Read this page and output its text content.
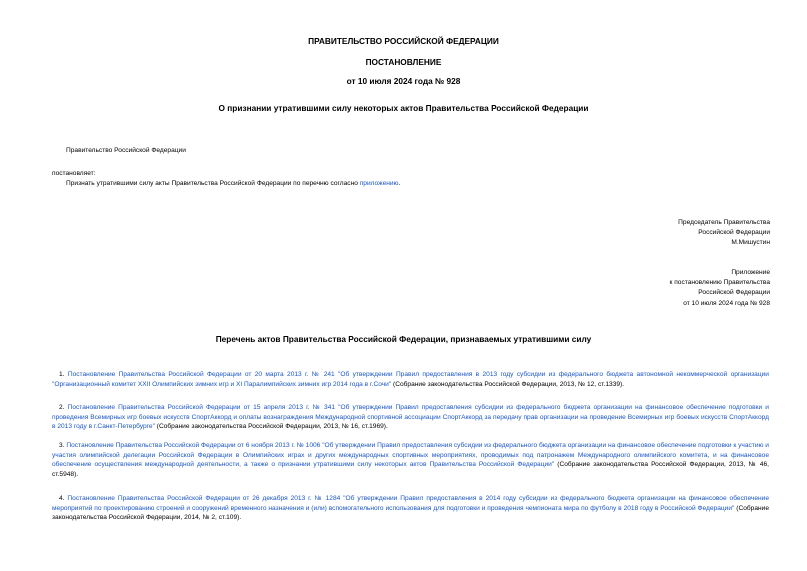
ПРАВИТЕЛЬСТВО РОССИЙСКОЙ ФЕДЕРАЦИИ
ПОСТАНОВЛЕНИЕ
от 10 июля 2024 года № 928
О признании утратившими силу некоторых актов Правительства Российской Федерации
Правительство Российской Федерации
постановляет:
Признать утратившими силу акты Правительства Российской Федерации по перечню согласно приложению.
Председатель Правительства
Российской Федерации
М.Мишустин
Приложение
к постановлению Правительства
Российской Федерации
от 10 июля 2024 года № 928
Перечень актов Правительства Российской Федерации, признаваемых утратившими силу

1. Постановление Правительства Российской Федерации от 20 марта 2013 г. № 241 "Об утверждении Правил предоставления в 2013 году субсидии из федерального бюджета автономной некоммерческой организации "Организационный комитет XXII Олимпийских зимних игр и XI Паралимпийских зимних игр 2014 года в г.Сочи" (Собрание законодательства Российской Федерации, 2013, № 12, ст.1339).

2. Постановление Правительства Российской Федерации от 15 апреля 2013 г. № 341 "Об утверждении Правил предоставления субсидии из федерального бюджета организации на финансовое обеспечение подготовки и проведения Всемирных игр боевых искусств СпортАккорд и оплаты вознаграждения Международной спортивной ассоциации СпортАккорд за передачу прав организации на проведение Всемирных игр боевых искусств СпортАккорд в 2013 году в г.Санкт-Петербурге" (Собрание законодательства Российской Федерации, 2013, № 16, ст.1969).

3. Постановление Правительства Российской Федерации от 6 ноября 2013 г. № 1006 "Об утверждении Правил предоставления субсидии из федерального бюджета организации на финансовое обеспечение подготовки к участию и участия олимпийской делегации Российской Федерации в Олимпийских играх и других международных спортивных мероприятиях, проводимых под патронажем Международного олимпийского комитета, и на финансовое обеспечение осуществления международной деятельности, а также о признании утратившими силу некоторых актов Правительства Российской Федерации" (Собрание законодательства Российской Федерации, 2013, № 46, ст.5948).

4. Постановление Правительства Российской Федерации от 26 декабря 2013 г. № 1284 "Об утверждении Правил предоставления в 2014 году субсидии из федерального бюджета организации на финансовое обеспечение мероприятий по проектированию строений и сооружений временного назначения и (или) вспомогательного использования для подготовки и проведения чемпионата мира по футболу в 2018 году в Российской Федерации" (Собрание законодательства Российской Федерации, 2014, № 2, ст.109).
